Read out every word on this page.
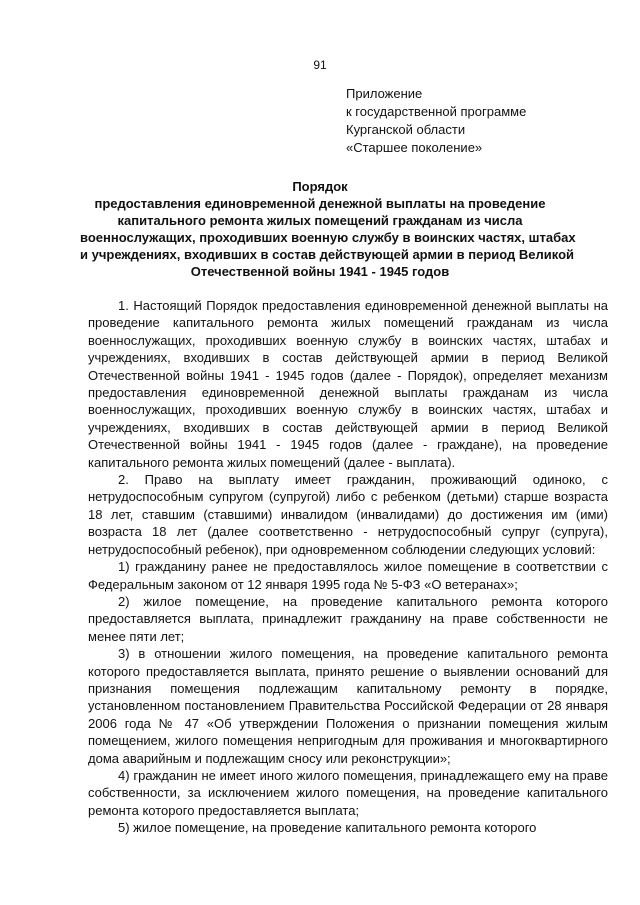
91
Приложение
к государственной программе
Курганской области
«Старшее поколение»
Порядок
предоставления единовременной денежной выплаты на проведение
капитального ремонта жилых помещений гражданам из числа
военнослужащих, проходивших военную службу в воинских частях, штабах
и учреждениях, входивших в состав действующей армии в период Великой
Отечественной войны 1941 - 1945 годов

1. Настоящий Порядок предоставления единовременной денежной выплаты на проведение капитального ремонта жилых помещений гражданам из числа военнослужащих, проходивших военную службу в воинских частях, штабах и учреждениях, входивших в состав действующей армии в период Великой Отечественной войны 1941 - 1945 годов (далее - Порядок), определяет механизм предоставления единовременной денежной выплаты гражданам из числа военнослужащих, проходивших военную службу в воинских частях, штабах и учреждениях, входивших в состав действующей армии в период Великой Отечественной войны 1941 - 1945 годов (далее - граждане), на проведение капитального ремонта жилых помещений (далее - выплата).

2. Право на выплату имеет гражданин, проживающий одиноко, с нетрудоспособным супругом (супругой) либо с ребенком (детьми) старше возраста 18 лет, ставшим (ставшими) инвалидом (инвалидами) до достижения им (ими) возраста 18 лет (далее соответственно - нетрудоспособный супруг (супруга), нетрудоспособный ребенок), при одновременном соблюдении следующих условий:

1) гражданину ранее не предоставлялось жилое помещение в соответствии с Федеральным законом от 12 января 1995 года № 5-ФЗ «О ветеранах»;

2) жилое помещение, на проведение капитального ремонта которого предоставляется выплата, принадлежит гражданину на праве собственности не менее пяти лет;

3) в отношении жилого помещения, на проведение капитального ремонта которого предоставляется выплата, принято решение о выявлении оснований для признания помещения подлежащим капитальному ремонту в порядке, установленном постановлением Правительства Российской Федерации от 28 января 2006 года № 47 «Об утверждении Положения о признании помещения жилым помещением, жилого помещения непригодным для проживания и многоквартирного дома аварийным и подлежащим сносу или реконструкции»;

4) гражданин не имеет иного жилого помещения, принадлежащего ему на праве собственности, за исключением жилого помещения, на проведение капитального ремонта которого предоставляется выплата;

5) жилое помещение, на проведение капитального ремонта которого
